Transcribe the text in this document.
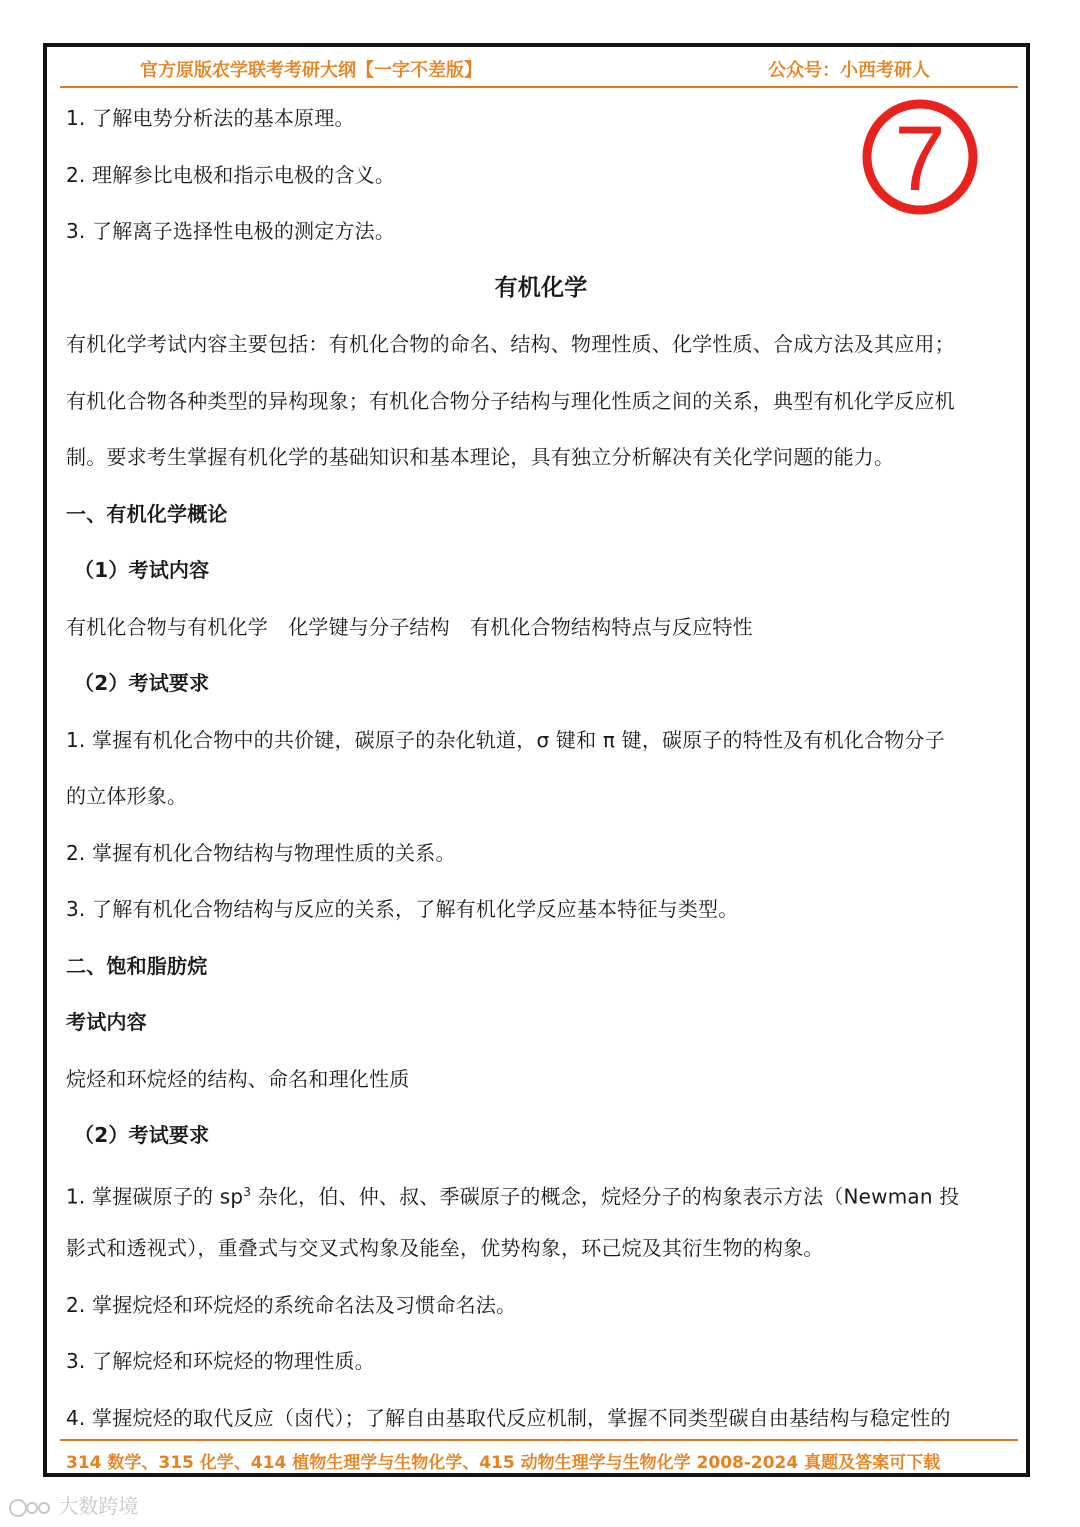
官方原版农学联考考研大纲【一字不差版】	公众号：小西考研人
7
1. 了解电势分析法的基本原理。
2. 理解参比电极和指示电极的含义。
3. 了解离子选择性电极的测定方法。
有机化学
有机化学考试内容主要包括：有机化合物的命名、结构、物理性质、化学性质、合成方法及其应用；
有机化合物各种类型的异构现象；有机化合物分子结构与理化性质之间的关系，典型有机化学反应机
制。要求考生掌握有机化学的基础知识和基本理论，具有独立分析解决有关化学问题的能力。
一、有机化学概论
（1）考试内容
有机化合物与有机化学　化学键与分子结构　有机化合物结构特点与反应特性
（2）考试要求
1. 掌握有机化合物中的共价键，碳原子的杂化轨道，σ 键和 π 键，碳原子的特性及有机化合物分子
的立体形象。
2. 掌握有机化合物结构与物理性质的关系。
3. 了解有机化合物结构与反应的关系，了解有机化学反应基本特征与类型。
二、饱和脂肪烷
考试内容
烷烃和环烷烃的结构、命名和理化性质
（2）考试要求
1. 掌握碳原子的 $sp^3$ 杂化，伯、仲、叔、季碳原子的概念，烷烃分子的构象表示方法（Newman 投
影式和透视式），重叠式与交叉式构象及能垒，优势构象，环己烷及其衍生物的构象。
2. 掌握烷烃和环烷烃的系统命名法及习惯命名法。
3. 了解烷烃和环烷烃的物理性质。
4. 掌握烷烃的取代反应（卤代）；了解自由基取代反应机制，掌握不同类型碳自由基结构与稳定性的
314 数学、315 化学、414 植物生理学与生物化学、415 动物生理学与生物化学 2008-2024 真题及答案可下载
大数跨境
